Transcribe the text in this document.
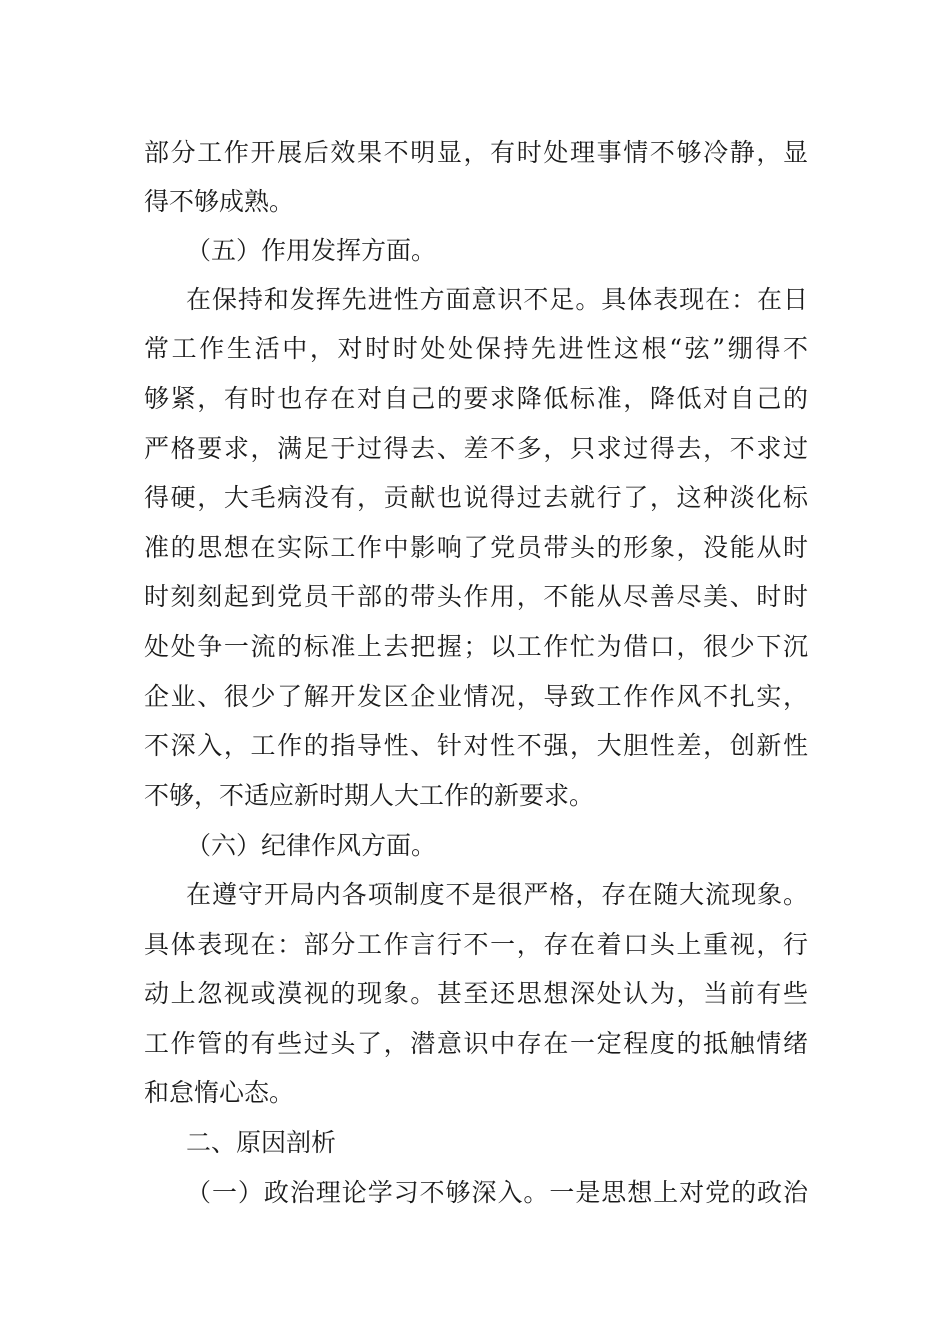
部分工作开展后效果不明显，有时处理事情不够冷静，显
得不够成熟。
（五）作用发挥方面。
在保持和发挥先进性方面意识不足。具体表现在：在日
常工作生活中，对时时处处保持先进性这根“弦”绷得不
够紧，有时也存在对自己的要求降低标准，降低对自己的
严格要求，满足于过得去、差不多，只求过得去，不求过
得硬，大毛病没有，贡献也说得过去就行了，这种淡化标
准的思想在实际工作中影响了党员带头的形象，没能从时
时刻刻起到党员干部的带头作用，不能从尽善尽美、时时
处处争一流的标准上去把握；以工作忙为借口，很少下沉
企业、很少了解开发区企业情况，导致工作作风不扎实，
不深入，工作的指导性、针对性不强，大胆性差，创新性
不够，不适应新时期人大工作的新要求。
（六）纪律作风方面。
在遵守开局内各项制度不是很严格，存在随大流现象。
具体表现在：部分工作言行不一，存在着口头上重视，行
动上忽视或漠视的现象。甚至还思想深处认为，当前有些
工作管的有些过头了，潜意识中存在一定程度的抵触情绪
和怠惰心态。
二、原因剖析
（一）政治理论学习不够深入。一是思想上对党的政治
